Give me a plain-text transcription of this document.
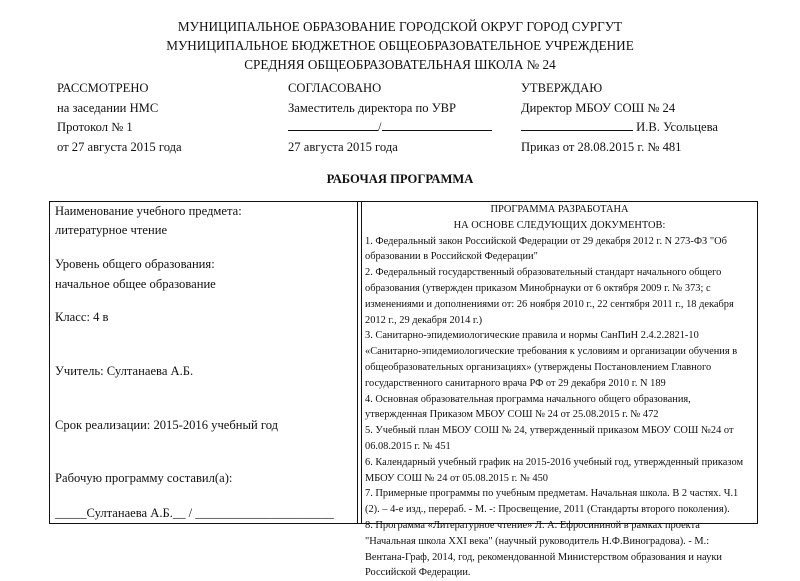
МУНИЦИПАЛЬНОЕ ОБРАЗОВАНИЕ ГОРОДСКОЙ ОКРУГ ГОРОД СУРГУТ
МУНИЦИПАЛЬНОЕ БЮДЖЕТНОЕ ОБЩЕОБРАЗОВАТЕЛЬНОЕ УЧРЕЖДЕНИЕ
СРЕДНЯЯ ОБЩЕОБРАЗОВАТЕЛЬНАЯ ШКОЛА № 24
РАССМОТРЕНО
на заседании НМС
Протокол № 1
от 27 августа 2015 года
СОГЛАСОВАНО
Заместитель директора по УВР
/
27 августа 2015 года
УТВЕРЖДАЮ
Директор МБОУ СОШ № 24
И.В. Усольцева
Приказ от 28.08.2015 г. № 481
РАБОЧАЯ ПРОГРАММА
Наименование учебного предмета:
литературное чтение
Уровень общего образования:
начальное общее образование
Класс: 4 в
Учитель: Султанаева А.Б.
Срок реализации: 2015-2016 учебный год
Рабочую программу составил(а):
_____Султанаева А.Б.__ / ______________________
ПРОГРАММА РАЗРАБОТАНА
НА ОСНОВЕ СЛЕДУЮЩИХ ДОКУМЕНТОВ:
1. Федеральный закон Российской Федерации от 29 декабря 2012 г. N 273-ФЗ "Об
образовании в Российской Федерации"
2. Федеральный государственный образовательный стандарт начального общего
образования (утвержден приказом Минобрнауки от 6 октября 2009 г. № 373; с
изменениями и дополнениями от: 26 ноября 2010 г., 22 сентября 2011 г., 18 декабря
2012 г., 29 декабря 2014 г.)
3. Санитарно-эпидемиологические правила и нормы СанПиН 2.4.2.2821-10
«Санитарно-эпидемиологические требования к условиям и организации обучения в
общеобразовательных организациях» (утверждены Постановлением Главного
государственного санитарного врача РФ от 29 декабря 2010 г. N 189
4. Основная образовательная программа начального общего образования,
утвержденная Приказом МБОУ СОШ № 24 от 25.08.2015 г. № 472
5. Учебный план МБОУ СОШ № 24, утвержденный приказом МБОУ СОШ №24 от
06.08.2015 г. № 451
6. Календарный учебный график на 2015-2016 учебный год, утвержденный приказом
МБОУ СОШ № 24 от 05.08.2015 г. № 450
7. Примерные программы по учебным предметам. Начальная школа. В 2 частях. Ч.1
(2). – 4-е изд., перераб. - М. -: Просвещение, 2011 (Стандарты второго поколения).
8. Программа «Литературное чтение» Л. А. Ефросининой в рамках проекта
"Начальная школа XXI века" (научный руководитель Н.Ф.Виноградова). - М.:
Вентана-Граф, 2014, год, рекомендованной Министерством образования и науки
Российской Федерации.
